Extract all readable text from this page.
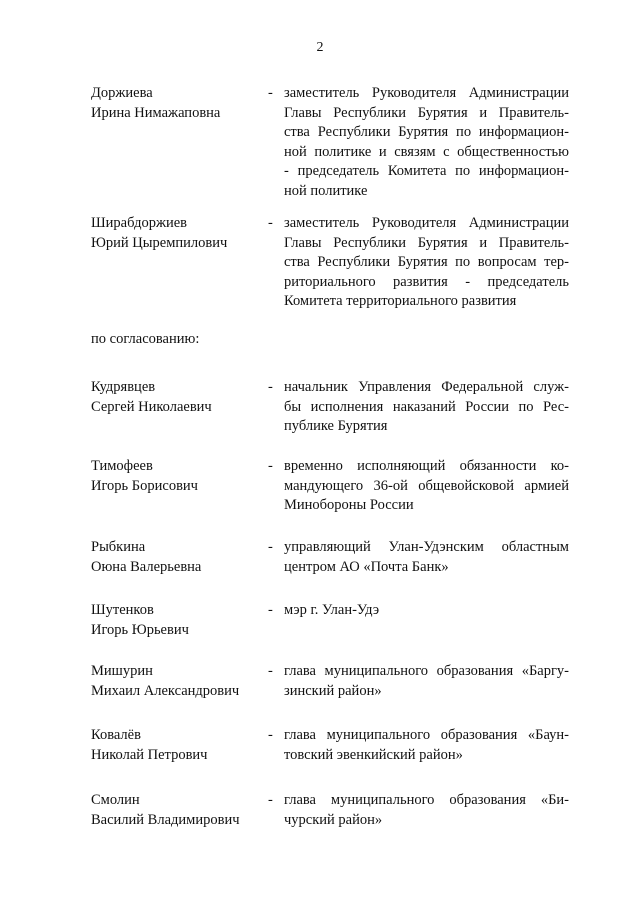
2
Доржиева
Ирина Нимажаповна
- заместитель Руководителя Администрации
Главы Республики Бурятия и Правитель-
ства Республики Бурятия по информацион-
ной политике и связям с общественностью
- председатель Комитета по информацион-
ной политике
Ширабдоржиев
Юрий Цыремпилович
- заместитель Руководителя Администрации
Главы Республики Бурятия и Правитель-
ства Республики Бурятия по вопросам тер-
риториального развития - председатель
Комитета территориального развития
по согласованию:
Кудрявцев
Сергей Николаевич
- начальник Управления Федеральной служ-
бы исполнения наказаний России по Рес-
публике Бурятия
Тимофеев
Игорь Борисович
- временно исполняющий обязанности ко-
мандующего 36-ой общевойсковой армией
Минобороны России
Рыбкина
Оюна Валерьевна
- управляющий Улан-Удэнским областным
центром АО «Почта Банк»
Шутенков
Игорь Юрьевич
- мэр г. Улан-Удэ
Мишурин
Михаил Александрович
- глава муниципального образования «Баргу-
зинский район»
Ковалёв
Николай Петрович
- глава муниципального образования «Баун-
товский эвенкийский район»
Смолин
Василий Владимирович
- глава муниципального образования «Би-
чурский район»
